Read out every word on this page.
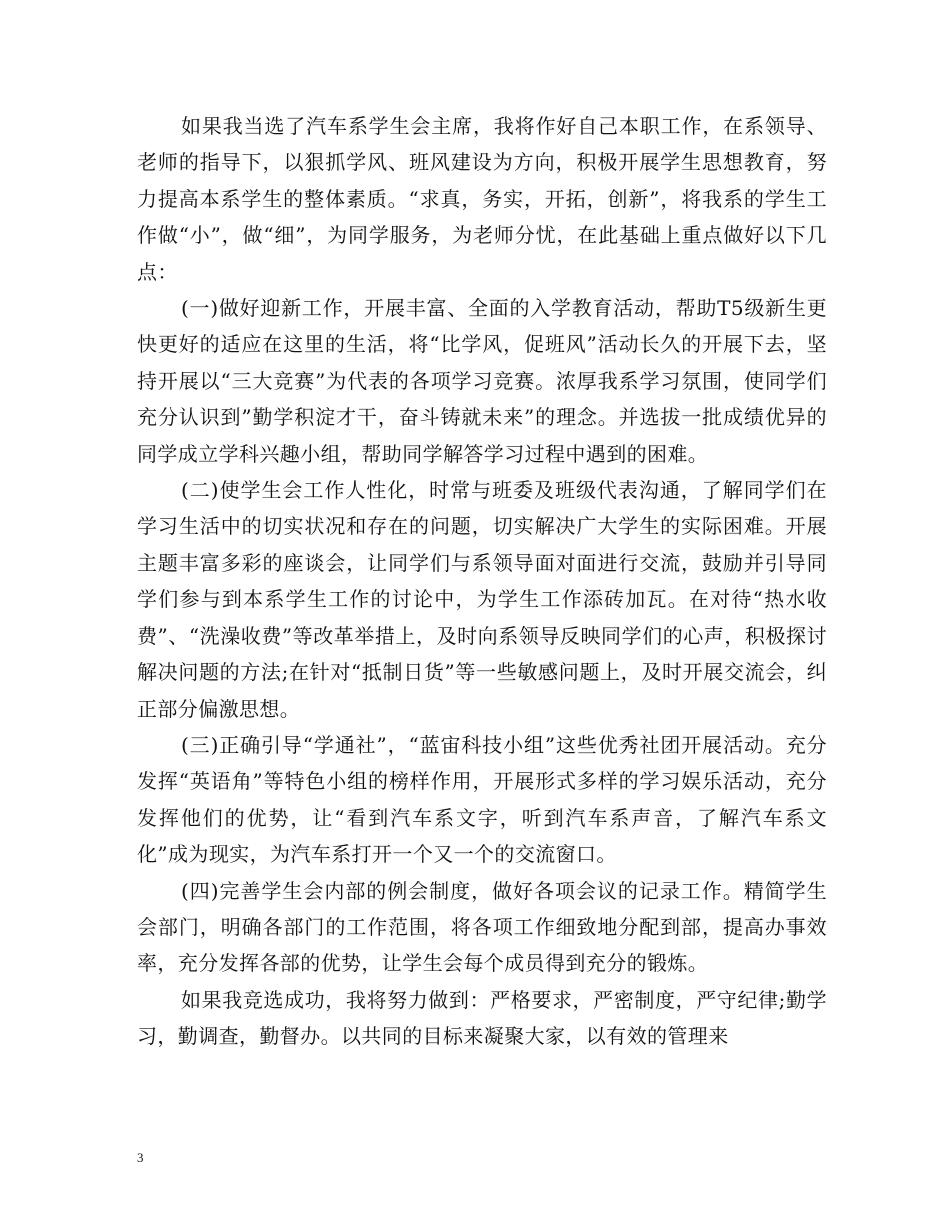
如果我当选了汽车系学生会主席，我将作好自己本职工作，在系领导、老师的指导下，以狠抓学风、班风建设为方向，积极开展学生思想教育，努力提高本系学生的整体素质。“求真，务实，开拓，创新”，将我系的学生工作做“小”，做“细”，为同学服务，为老师分忧，在此基础上重点做好以下几点：

(一)做好迎新工作，开展丰富、全面的入学教育活动，帮助T5级新生更快更好的适应在这里的生活，将“比学风，促班风”活动长久的开展下去，坚持开展以“三大竞赛”为代表的各项学习竞赛。浓厚我系学习氛围，使同学们充分认识到”勤学积淀才干，奋斗铸就未来”的理念。并选拔一批成绩优异的同学成立学科兴趣小组，帮助同学解答学习过程中遇到的困难。

(二)使学生会工作人性化，时常与班委及班级代表沟通，了解同学们在学习生活中的切实状况和存在的问题，切实解决广大学生的实际困难。开展主题丰富多彩的座谈会，让同学们与系领导面对面进行交流，鼓励并引导同学们参与到本系学生工作的讨论中，为学生工作添砖加瓦。在对待“热水收费”、“洗澡收费”等改革举措上，及时向系领导反映同学们的心声，积极探讨解决问题的方法;在针对“抵制日货”等一些敏感问题上，及时开展交流会，纠正部分偏激思想。

(三)正确引导“学通社”，“蓝宙科技小组”这些优秀社团开展活动。充分发挥“英语角”等特色小组的榜样作用，开展形式多样的学习娱乐活动，充分发挥他们的优势，让“看到汽车系文字，听到汽车系声音，了解汽车系文化”成为现实，为汽车系打开一个又一个的交流窗口。

(四)完善学生会内部的例会制度，做好各项会议的记录工作。精简学生会部门，明确各部门的工作范围，将各项工作细致地分配到部，提高办事效率，充分发挥各部的优势，让学生会每个成员得到充分的锻炼。

如果我竞选成功，我将努力做到：严格要求，严密制度，严守纪律;勤学习，勤调查，勤督办。以共同的目标来凝聚大家，以有效的管理来

3
